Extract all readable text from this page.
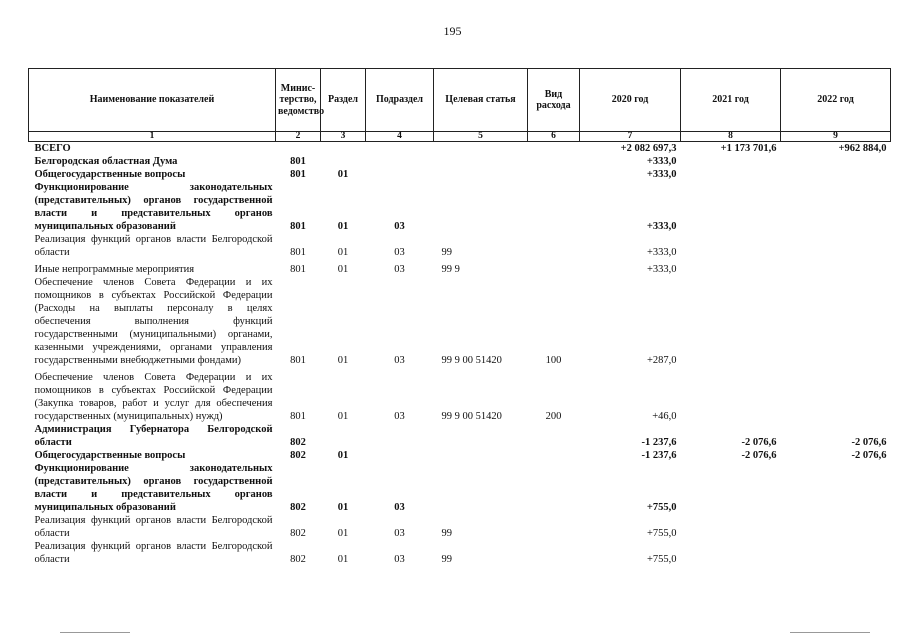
195
Наименование показателей	Минис-терство, ведомство	Раздел	Подраздел	Целевая статья	Вид расхода	2020 год	2021 год	2022 год
1	2	3	4	5	6	7	8	9
ВСЕГО						+2 082 697,3	+1 173 701,6	+962 884,0
Белгородская областная Дума	801					+333,0		
Общегосударственные вопросы	801	01				+333,0		
Функционирование законодательных (представительных) органов государственной власти и представительных органов муниципальных образований	801	01	03			+333,0		
Реализация функций органов власти Белгородской области	801	01	03	99		+333,0		
Иные непрограммные мероприятия	801	01	03	99 9		+333,0		
Обеспечение членов Совета Федерации и их помощников в субъектах Российской Федерации (Расходы на выплаты персоналу в целях обеспечения выполнения функций государственными (муниципальными) органами, казенными учреждениями, органами управления государственными внебюджетными фондами)	801	01	03	99 9 00 51420	100	+287,0		
Обеспечение членов Совета Федерации и их помощников в субъектах Российской Федерации (Закупка товаров, работ и услуг для обеспечения государственных (муниципальных) нужд)	801	01	03	99 9 00 51420	200	+46,0		
Администрация Губернатора Белгородской области	802					-1 237,6	-2 076,6	-2 076,6
Общегосударственные вопросы	802	01				-1 237,6	-2 076,6	-2 076,6
Функционирование законодательных (представительных) органов государственной власти и представительных органов муниципальных образований	802	01	03			+755,0		
Реализация функций органов власти Белгородской области	802	01	03	99		+755,0		
Реализация функций органов власти Белгородской области	802	01	03	99		+755,0		
